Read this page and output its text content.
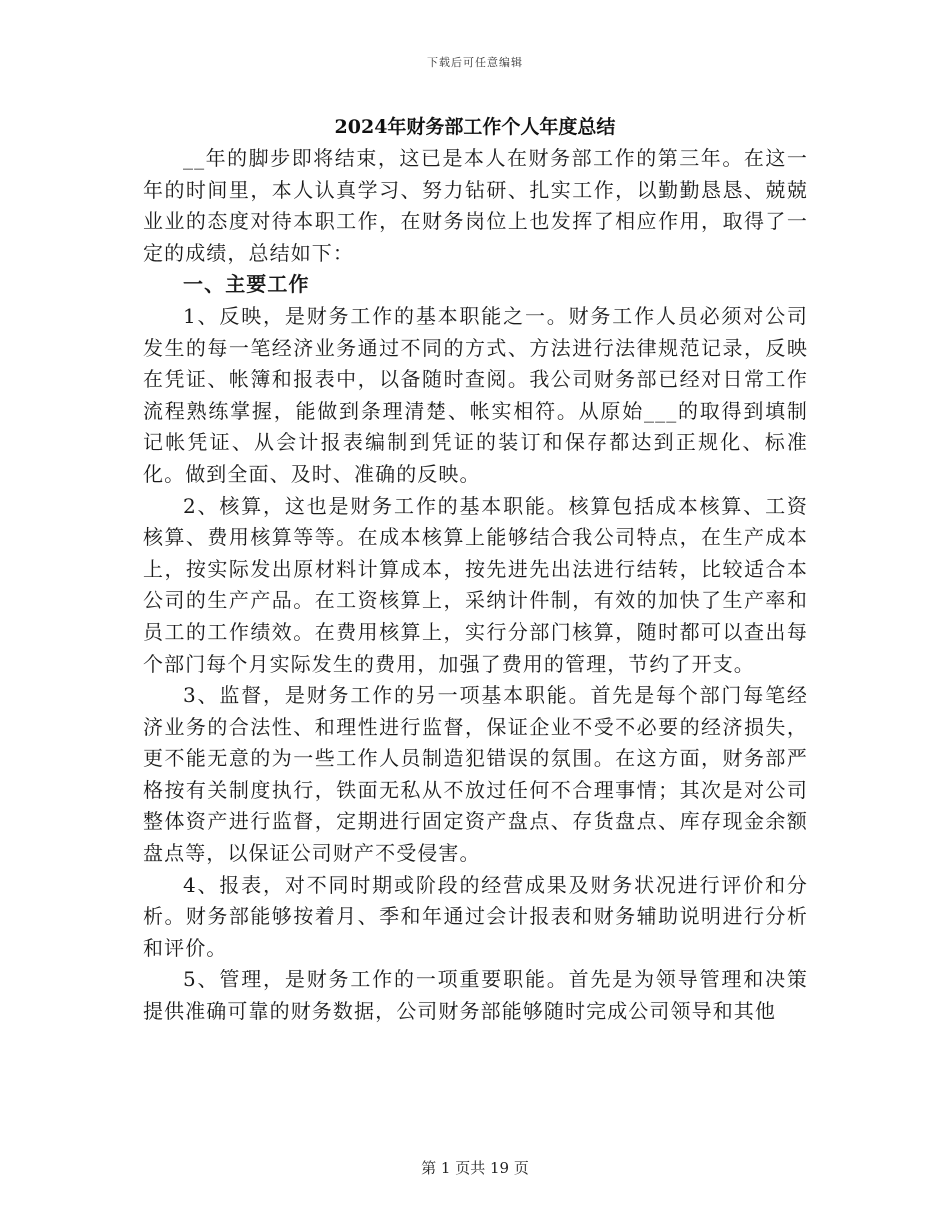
下载后可任意编辑
2024年财务部工作个人年度总结

__年的脚步即将结束，这已是本人在财务部工作的第三年。在这一年的时间里，本人认真学习、努力钻研、扎实工作，以勤勤恳恳、兢兢业业的态度对待本职工作，在财务岗位上也发挥了相应作用，取得了一定的成绩，总结如下：

一、主要工作

1、反映，是财务工作的基本职能之一。财务工作人员必须对公司发生的每一笔经济业务通过不同的方式、方法进行法律规范记录，反映在凭证、帐簿和报表中，以备随时查阅。我公司财务部已经对日常工作流程熟练掌握，能做到条理清楚、帐实相符。从原始___的取得到填制记帐凭证、从会计报表编制到凭证的装订和保存都达到正规化、标准化。做到全面、及时、准确的反映。

2、核算，这也是财务工作的基本职能。核算包括成本核算、工资核算、费用核算等等。在成本核算上能够结合我公司特点，在生产成本上，按实际发出原材料计算成本，按先进先出法进行结转，比较适合本公司的生产产品。在工资核算上，采纳计件制，有效的加快了生产率和员工的工作绩效。在费用核算上，实行分部门核算，随时都可以查出每个部门每个月实际发生的费用，加强了费用的管理，节约了开支。

3、监督，是财务工作的另一项基本职能。首先是每个部门每笔经济业务的合法性、和理性进行监督，保证企业不受不必要的经济损失，更不能无意的为一些工作人员制造犯错误的氛围。在这方面，财务部严格按有关制度执行，铁面无私从不放过任何不合理事情；其次是对公司整体资产进行监督，定期进行固定资产盘点、存货盘点、库存现金余额盘点等，以保证公司财产不受侵害。

4、报表，对不同时期或阶段的经营成果及财务状况进行评价和分析。财务部能够按着月、季和年通过会计报表和财务辅助说明进行分析和评价。

5、管理，是财务工作的一项重要职能。首先是为领导管理和决策提供准确可靠的财务数据，公司财务部能够随时完成公司领导和其他

第 1 页共 19 页
